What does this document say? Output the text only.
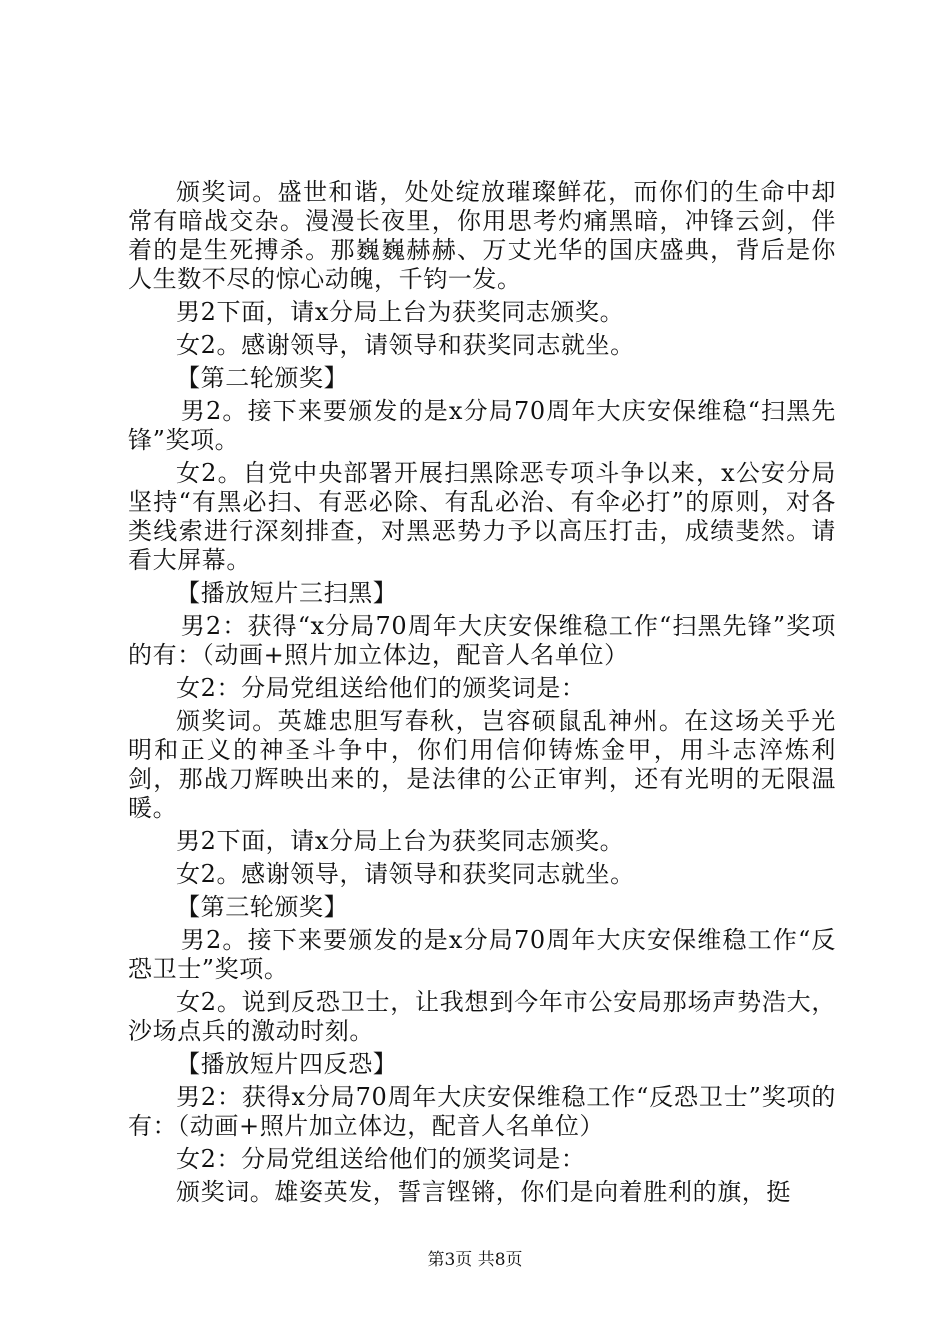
颁奖词。盛世和谐，处处绽放璀璨鲜花，而你们的生命中却常有暗战交杂。漫漫长夜里，你用思考灼痛黑暗，冲锋云剑，伴着的是生死搏杀。那巍巍赫赫、万丈光华的国庆盛典，背后是你人生数不尽的惊心动魄，千钧一发。

男2下面，请x分局上台为获奖同志颁奖。

女2。感谢领导，请领导和获奖同志就坐。

【第二轮颁奖】

男2。接下来要颁发的是x分局70周年大庆安保维稳“扫黑先锋”奖项。

女2。自党中央部署开展扫黑除恶专项斗争以来，x公安分局坚持“有黑必扫、有恶必除、有乱必治、有伞必打”的原则，对各类线索进行深刻排查，对黑恶势力予以高压打击，成绩斐然。请看大屏幕。

【播放短片三扫黑】

男2：获得“x分局70周年大庆安保维稳工作“扫黑先锋”奖项的有：（动画+照片加立体边，配音人名单位）

女2：分局党组送给他们的颁奖词是：

颁奖词。英雄忠胆写春秋，岂容硕鼠乱神州。在这场关乎光明和正义的神圣斗争中，你们用信仰铸炼金甲，用斗志淬炼利剑，那战刀辉映出来的，是法律的公正审判，还有光明的无限温暖。

男2下面，请x分局上台为获奖同志颁奖。

女2。感谢领导，请领导和获奖同志就坐。

【第三轮颁奖】

男2。接下来要颁发的是x分局70周年大庆安保维稳工作“反恐卫士”奖项。

女2。说到反恐卫士，让我想到今年市公安局那场声势浩大，沙场点兵的激动时刻。

【播放短片四反恐】

男2：获得x分局70周年大庆安保维稳工作“反恐卫士”奖项的有：（动画+照片加立体边，配音人名单位）

女2：分局党组送给他们的颁奖词是：

颁奖词。雄姿英发，誓言铿锵，你们是向着胜利的旗，挺

第3页 共8页
